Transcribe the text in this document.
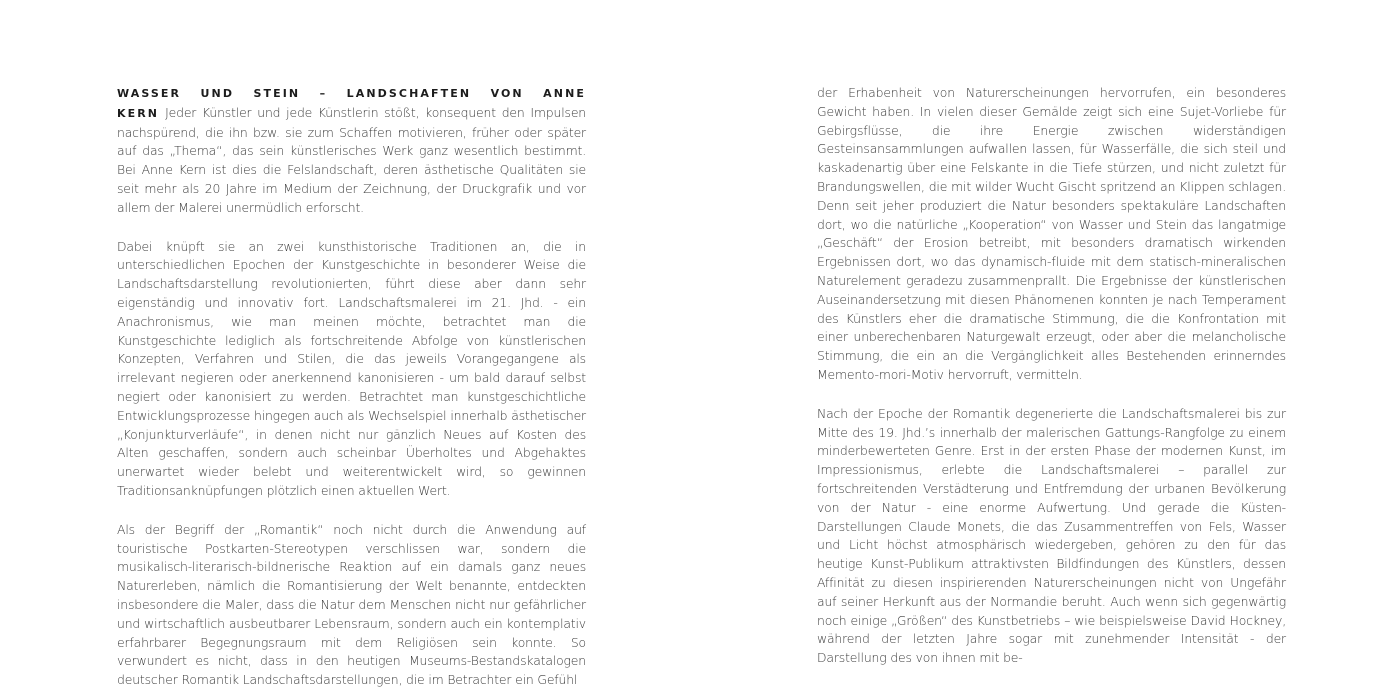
WASSER UND STEIN – LANDSCHAFTEN VON ANNE KERN Jeder Künstler und jede Künstlerin stößt, konsequent den Impulsen nachspürend, die ihn bzw. sie zum Schaffen motivieren, früher oder später auf das „Thema“, das sein künstlerisches Werk ganz wesentlich bestimmt. Bei Anne Kern ist dies die Felslandschaft, deren ästhetische Qualitäten sie seit mehr als 20 Jahre im Medium der Zeichnung, der Druckgrafik und vor allem der Malerei unermüdlich erforscht.

Dabei knüpft sie an zwei kunsthistorische Traditionen an, die in unterschiedlichen Epochen der Kunstgeschichte in besonderer Weise die Landschaftsdarstellung revolutionierten, führt diese aber dann sehr eigenständig und innovativ fort. Landschaftsmalerei im 21. Jhd. - ein Anachronismus, wie man meinen möchte, betrachtet man die Kunstgeschichte lediglich als fortschreitende Abfolge von künstlerischen Konzepten, Verfahren und Stilen, die das jeweils Vorangegangene als irrelevant negieren oder anerkennend kanonisieren - um bald darauf selbst negiert oder kanonisiert zu werden. Betrachtet man kunstgeschichtliche Entwicklungsprozesse hingegen auch als Wechselspiel innerhalb ästhetischer „Konjunkturverläufe“, in denen nicht nur gänzlich Neues auf Kosten des Alten geschaffen, sondern auch scheinbar Überholtes und Abgehaktes unerwartet wieder belebt und weiterentwickelt wird, so gewinnen Traditionsanknüpfungen plötzlich einen aktuellen Wert.

Als der Begriff der „Romantik“ noch nicht durch die Anwendung auf touristische Postkarten-Stereotypen verschlissen war, sondern die musikalisch-literarisch-bildnerische Reaktion auf ein damals ganz neues Naturerleben, nämlich die Romantisierung der Welt benannte, entdeckten insbesondere die Maler, dass die Natur dem Menschen nicht nur gefährlicher und wirtschaftlich ausbeutbarer Lebensraum, sondern auch ein kontemplativ erfahrbarer Begegnungsraum mit dem Religiösen sein konnte. So verwundert es nicht, dass in den heutigen Museums-Bestandskatalogen deutscher Romantik Landschaftsdarstellungen, die im Betrachter ein Gefühl

der Erhabenheit von Naturerscheinungen hervorrufen, ein besonderes Gewicht haben. In vielen dieser Gemälde zeigt sich eine Sujet-Vorliebe für Gebirgsflüsse, die ihre Energie zwischen widerständigen Gesteinsansammlungen aufwallen lassen, für Wasserfälle, die sich steil und kaskadenartig über eine Felskante in die Tiefe stürzen, und nicht zuletzt für Brandungswellen, die mit wilder Wucht Gischt spritzend an Klippen schlagen. Denn seit jeher produziert die Natur besonders spektakuläre Landschaften dort, wo die natürliche „Kooperation“ von Wasser und Stein das langatmige „Geschäft“ der Erosion betreibt, mit besonders dramatisch wirkenden Ergebnissen dort, wo das dynamisch-fluide mit dem statisch-mineralischen Naturelement geradezu zusammenprallt. Die Ergebnisse der künstlerischen Auseinandersetzung mit diesen Phänomenen konnten je nach Temperament des Künstlers eher die dramatische Stimmung, die die Konfrontation mit einer unberechenbaren Naturgewalt erzeugt, oder aber die melancholische Stimmung, die ein an die Vergänglichkeit alles Bestehenden erinnerndes Memento-mori-Motiv hervorruft, vermitteln.

Nach der Epoche der Romantik degenerierte die Landschaftsmalerei bis zur Mitte des 19. Jhd.’s innerhalb der malerischen Gattungs-Rangfolge zu einem minderbewerteten Genre. Erst in der ersten Phase der modernen Kunst, im Impressionismus, erlebte die Landschaftsmalerei – parallel zur fortschreitenden Verstädterung und Entfremdung der urbanen Bevölkerung von der Natur - eine enorme Aufwertung. Und gerade die Küsten-Darstellungen Claude Monets, die das Zusammentreffen von Fels, Wasser und Licht höchst atmosphärisch wiedergeben, gehören zu den für das heutige Kunst-Publikum attraktivsten Bildfindungen des Künstlers, dessen Affinität zu diesen inspirierenden Naturerscheinungen nicht von Ungefähr auf seiner Herkunft aus der Normandie beruht. Auch wenn sich gegenwärtig noch einige „Größen“ des Kunstbetriebs – wie beispielsweise David Hockney, während der letzten Jahre sogar mit zunehmender Intensität - der Darstellung des von ihnen mit be-
